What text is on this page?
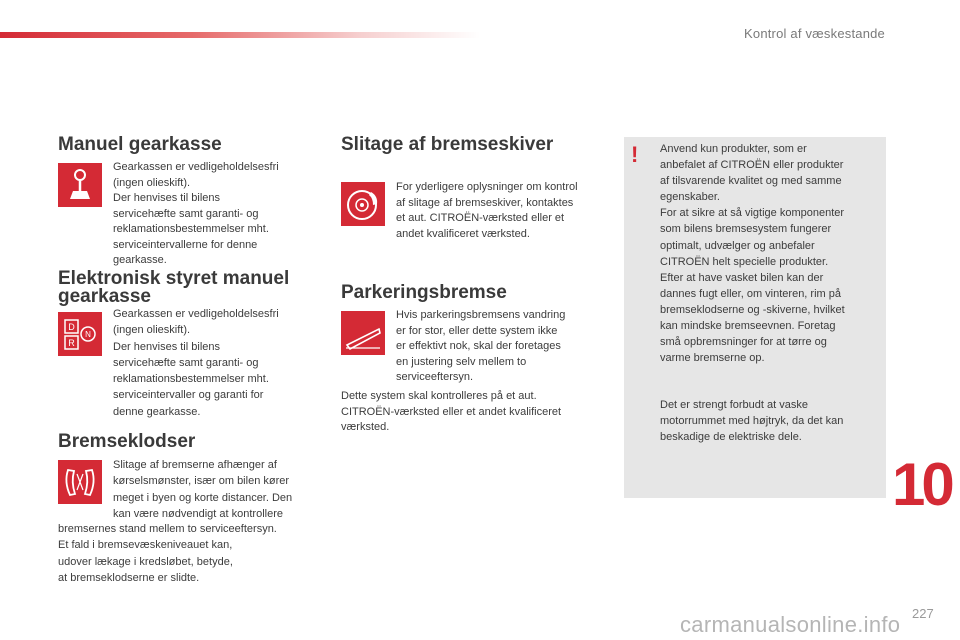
Kontrol af væskestande
Manuel gearkasse
Gearkassen er vedligeholdelsesfri
(ingen olieskift).
Der henvises til bilens
servicehæfte samt garanti- og
reklamationsbestemmelser mht.
serviceintervallerne for denne
gearkasse.
Elektronisk styret manuel
gearkasse
D
R
N
Gearkassen er vedligeholdelsesfri
(ingen olieskift).
Der henvises til bilens
servicehæfte samt garanti- og
reklamationsbestemmelser mht.
serviceintervaller og garanti for
denne gearkasse.
Bremseklodser
Slitage af bremserne afhænger af
kørselsmønster, især om bilen kører
meget i byen og korte distancer. Den
kan være nødvendigt at kontrollere
bremsernes stand mellem to serviceeftersyn.
Et fald i bremsevæskeniveauet kan,
udover lækage i kredsløbet, betyde,
at bremseklodserne er slidte.
Slitage af bremseskiver
For yderligere oplysninger om kontrol
af slitage af bremseskiver, kontaktes
et aut. CITROËN-værksted eller et
andet kvalificeret værksted.
Parkeringsbremse
Hvis parkeringsbremsens vandring
er for stor, eller dette system ikke
er effektivt nok, skal der foretages
en justering selv mellem to
serviceeftersyn.
Dette system skal kontrolleres på et aut.
CITROËN-værksted eller et andet kvalificeret
værksted.
! Anvend kun produkter, som er
anbefalet af CITROËN eller produkter
af tilsvarende kvalitet og med samme
egenskaber.
For at sikre at så vigtige komponenter
som bilens bremsesystem fungerer
optimalt, udvælger og anbefaler
CITROËN helt specielle produkter.
Efter at have vasket bilen kan der
dannes fugt eller, om vinteren, rim på
bremseklodserne og -skiverne, hvilket
kan mindske bremseevnen. Foretag
små opbremsninger for at tørre og
varme bremserne op.
Det er strengt forbudt at vaske
motorrummet med højtryk, da det kan
beskadige de elektriske dele.
10
carmanualsonline.info 227
